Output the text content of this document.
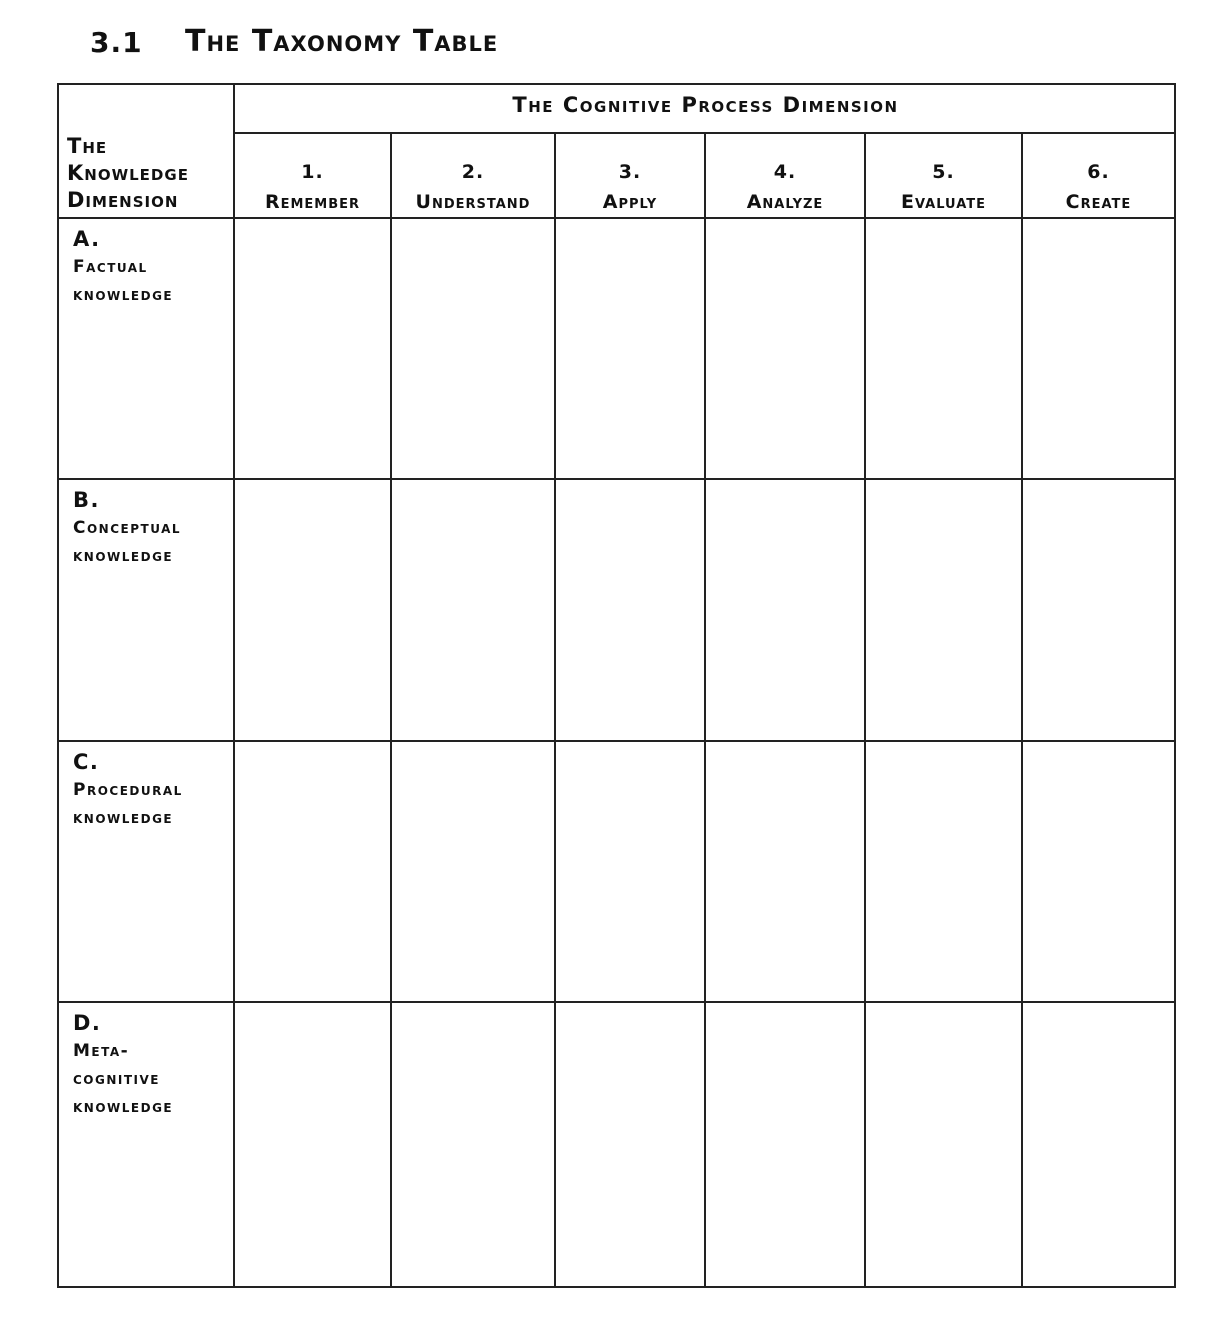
3.1 The Taxonomy Table
The Cognitive Process Dimension
The
Knowledge
Dimension
1.
Remember
2.
Understand
3.
Apply
4.
Analyze
5.
Evaluate
6.
Create
A.
Factual
knowledge
B.
Conceptual
knowledge
C.
Procedural
knowledge
D.
Meta-
cognitive
knowledge
